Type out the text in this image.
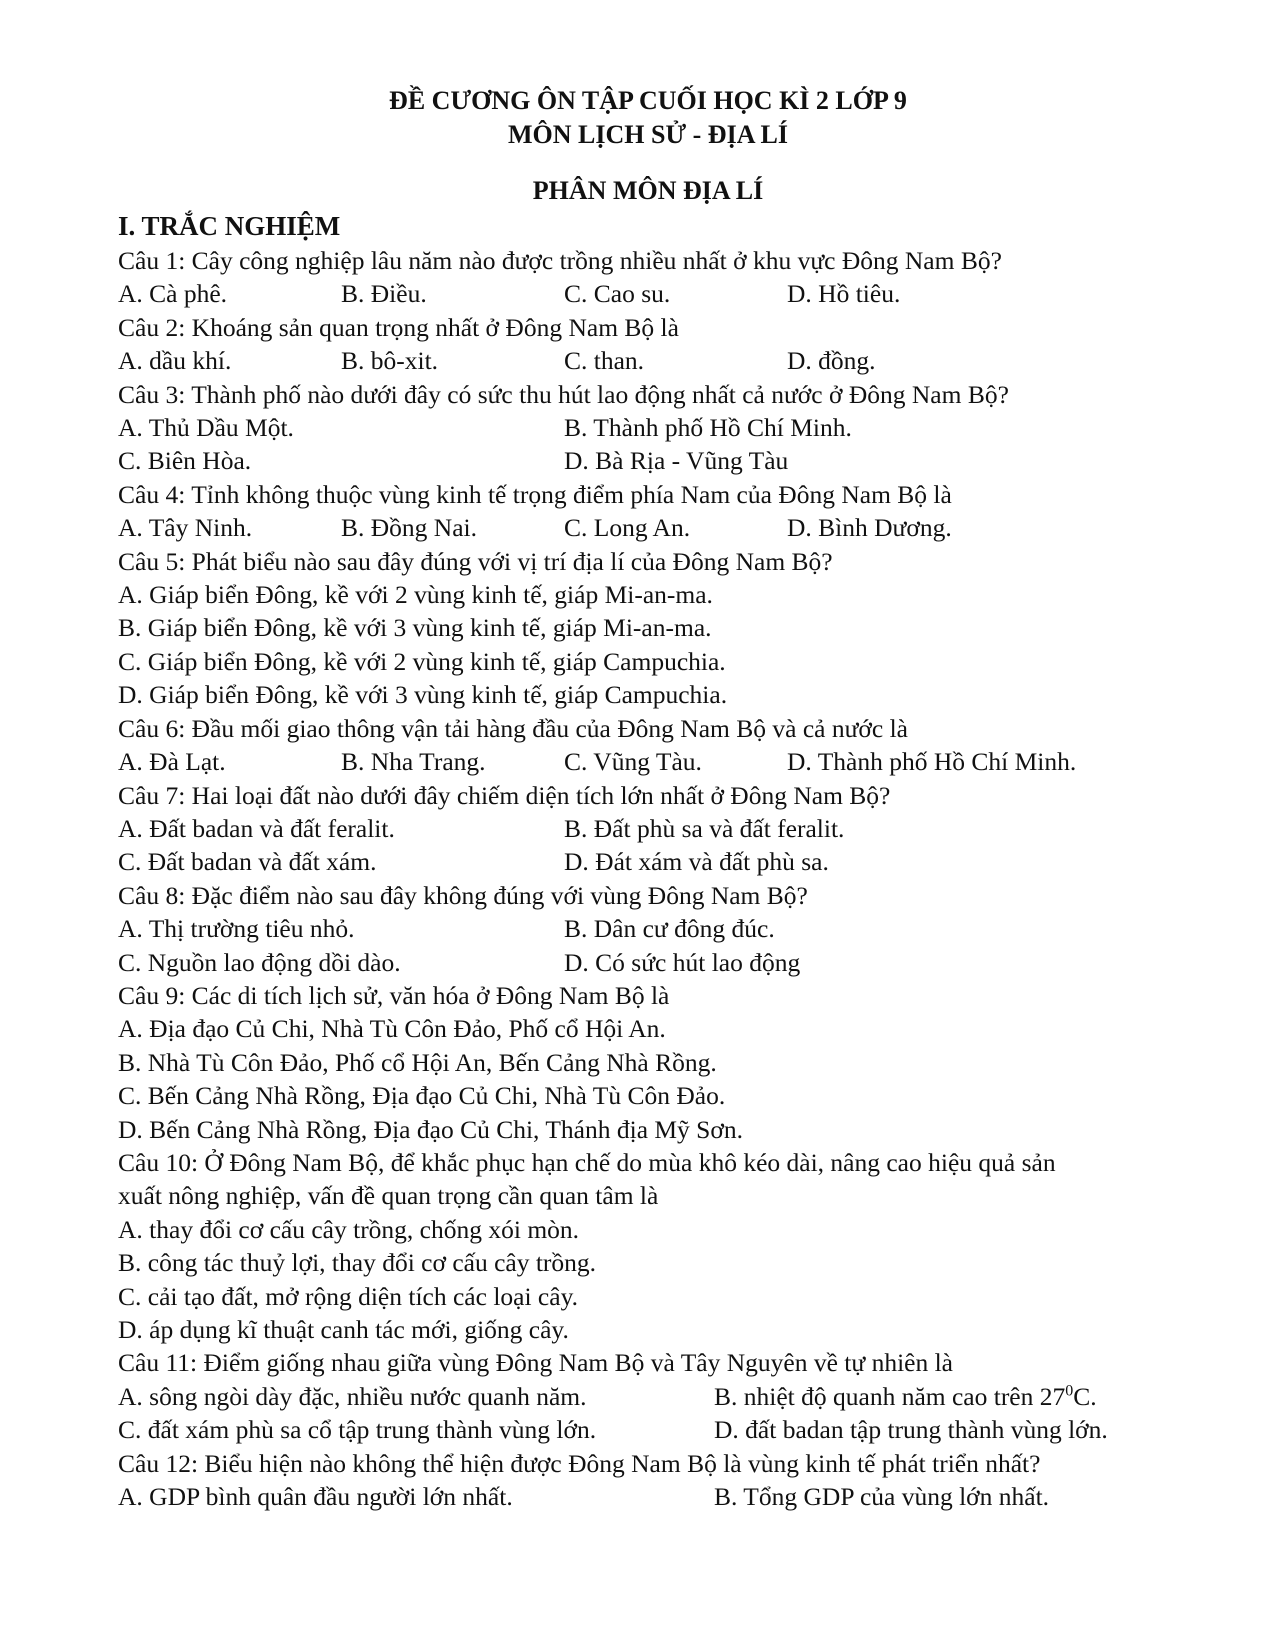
ĐỀ CƯƠNG ÔN TẬP CUỐI HỌC KÌ 2 LỚP 9
MÔN LỊCH SỬ - ĐỊA LÍ
PHÂN MÔN ĐỊA LÍ
I. TRẮC NGHIỆM
Câu 1: Cây công nghiệp lâu năm nào được trồng nhiều nhất ở khu vực Đông Nam Bộ?
A. Cà phê.	B. Điều.	C. Cao su.	D. Hồ tiêu.
Câu 2: Khoáng sản quan trọng nhất ở Đông Nam Bộ là
A. dầu khí.	B. bô-xit.	C. than.	D. đồng.
Câu 3: Thành phố nào dưới đây có sức thu hút lao động nhất cả nước ở Đông Nam Bộ?
A. Thủ Dầu Một.	B. Thành phố Hồ Chí Minh.
C. Biên Hòa.	D. Bà Rịa - Vũng Tàu
Câu 4: Tỉnh không thuộc vùng kinh tế trọng điểm phía Nam của Đông Nam Bộ là
A. Tây Ninh.	B. Đồng Nai.	C. Long An.	D. Bình Dương.
Câu 5: Phát biểu nào sau đây đúng với vị trí địa lí của Đông Nam Bộ?
A. Giáp biển Đông, kề với 2 vùng kinh tế, giáp Mi-an-ma.
B. Giáp biển Đông, kề với 3 vùng kinh tế, giáp Mi-an-ma.
C. Giáp biển Đông, kề với 2 vùng kinh tế, giáp Campuchia.
D. Giáp biển Đông, kề với 3 vùng kinh tế, giáp Campuchia.
Câu 6: Đầu mối giao thông vận tải hàng đầu của Đông Nam Bộ và cả nước là
A. Đà Lạt.	B. Nha Trang.	C. Vũng Tàu.	D. Thành phố Hồ Chí Minh.
Câu 7: Hai loại đất nào dưới đây chiếm diện tích lớn nhất ở Đông Nam Bộ?
A. Đất badan và đất feralit.	B. Đất phù sa và đất feralit.
C. Đất badan và đất xám.	D. Đát xám và đất phù sa.
Câu 8: Đặc điểm nào sau đây không đúng với vùng Đông Nam Bộ?
A. Thị trường tiêu nhỏ.	B. Dân cư đông đúc.
C. Nguồn lao động dồi dào.	D. Có sức hút lao động
Câu 9: Các di tích lịch sử, văn hóa ở Đông Nam Bộ là
A. Địa đạo Củ Chi, Nhà Tù Côn Đảo, Phố cổ Hội An.
B. Nhà Tù Côn Đảo, Phố cổ Hội An, Bến Cảng Nhà Rồng.
C. Bến Cảng Nhà Rồng, Địa đạo Củ Chi, Nhà Tù Côn Đảo.
D. Bến Cảng Nhà Rồng, Địa đạo Củ Chi, Thánh địa Mỹ Sơn.
Câu 10: Ở Đông Nam Bộ, để khắc phục hạn chế do mùa khô kéo dài, nâng cao hiệu quả sản
xuất nông nghiệp, vấn đề quan trọng cần quan tâm là
A. thay đổi cơ cấu cây trồng, chống xói mòn.
B. công tác thuỷ lợi, thay đổi cơ cấu cây trồng.
C. cải tạo đất, mở rộng diện tích các loại cây.
D. áp dụng kĩ thuật canh tác mới, giống cây.
Câu 11: Điểm giống nhau giữa vùng Đông Nam Bộ và Tây Nguyên về tự nhiên là
A. sông ngòi dày đặc, nhiều nước quanh năm.	B. nhiệt độ quanh năm cao trên $27^0C$.
C. đất xám phù sa cổ tập trung thành vùng lớn.	D. đất badan tập trung thành vùng lớn.
Câu 12: Biểu hiện nào không thể hiện được Đông Nam Bộ là vùng kinh tế phát triển nhất?
A. GDP bình quân đầu người lớn nhất.	B. Tổng GDP của vùng lớn nhất.
